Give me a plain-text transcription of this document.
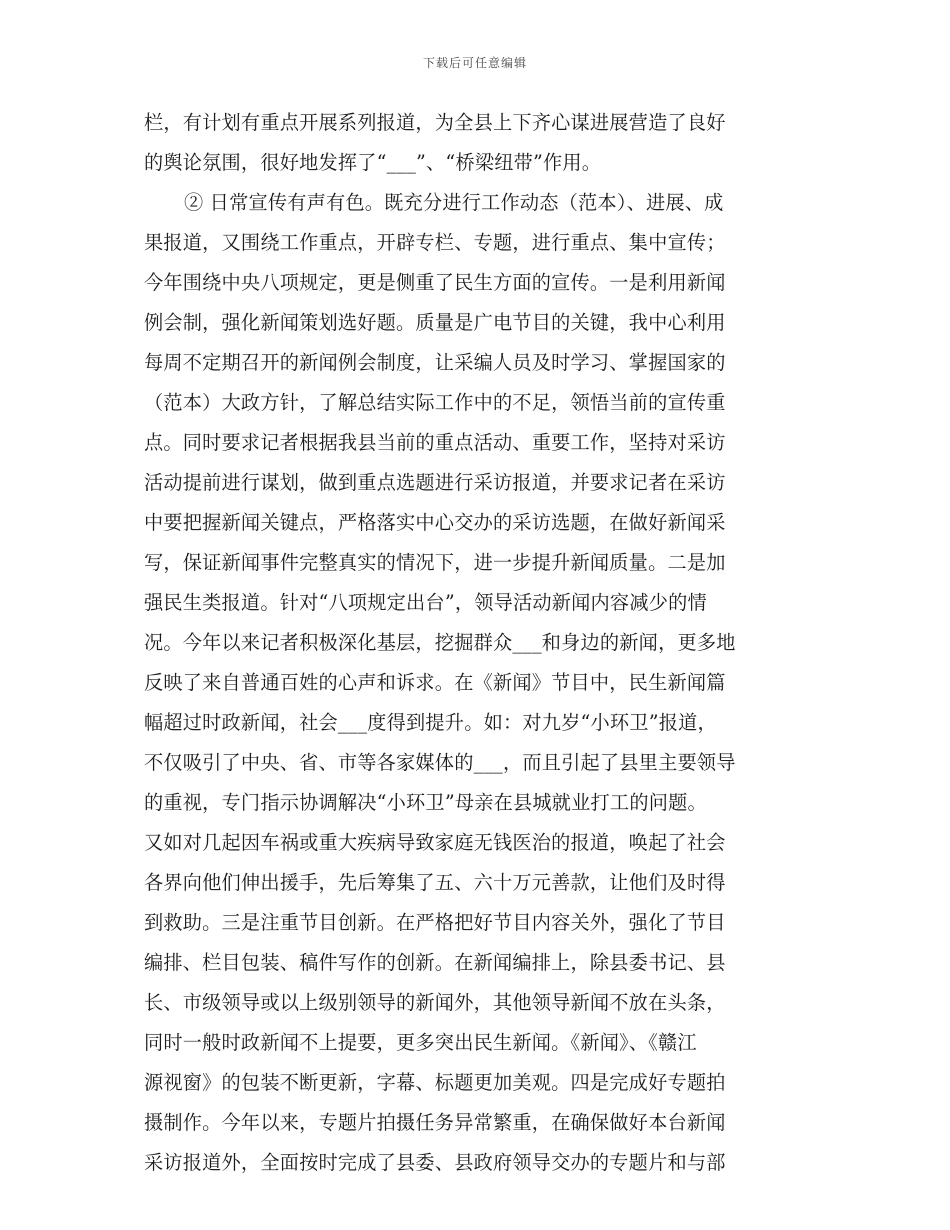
下载后可任意编辑
栏，有计划有重点开展系列报道，为全县上下齐心谋进展营造了良好
的舆论氛围，很好地发挥了“___”、“桥梁纽带”作用。
② 日常宣传有声有色。既充分进行工作动态（范本）、进展、成
果报道，又围绕工作重点，开辟专栏、专题，进行重点、集中宣传；
今年围绕中央八项规定，更是侧重了民生方面的宣传。一是利用新闻
例会制，强化新闻策划选好题。质量是广电节目的关键，我中心利用
每周不定期召开的新闻例会制度，让采编人员及时学习、掌握国家的
（范本）大政方针，了解总结实际工作中的不足，领悟当前的宣传重
点。同时要求记者根据我县当前的重点活动、重要工作，坚持对采访
活动提前进行谋划，做到重点选题进行采访报道，并要求记者在采访
中要把握新闻关键点，严格落实中心交办的采访选题，在做好新闻采
写，保证新闻事件完整真实的情况下，进一步提升新闻质量。二是加
强民生类报道。针对“八项规定出台”，领导活动新闻内容减少的情
况。今年以来记者积极深化基层，挖掘群众___和身边的新闻，更多地
反映了来自普通百姓的心声和诉求。在《新闻》节目中，民生新闻篇
幅超过时政新闻，社会___度得到提升。如：对九岁“小环卫”报道，
不仅吸引了中央、省、市等各家媒体的___，而且引起了县里主要领导
的重视，专门指示协调解决“小环卫”母亲在县城就业打工的问题。
又如对几起因车祸或重大疾病导致家庭无钱医治的报道，唤起了社会
各界向他们伸出援手，先后筹集了五、六十万元善款，让他们及时得
到救助。三是注重节目创新。在严格把好节目内容关外，强化了节目
编排、栏目包装、稿件写作的创新。在新闻编排上，除县委书记、县
长、市级领导或以上级别领导的新闻外，其他领导新闻不放在头条，
同时一般时政新闻不上提要，更多突出民生新闻。《新闻》、《赣江
源视窗》的包装不断更新，字幕、标题更加美观。四是完成好专题拍
摄制作。今年以来，专题片拍摄任务异常繁重，在确保做好本台新闻
采访报道外，全面按时完成了县委、县政府领导交办的专题片和与部
